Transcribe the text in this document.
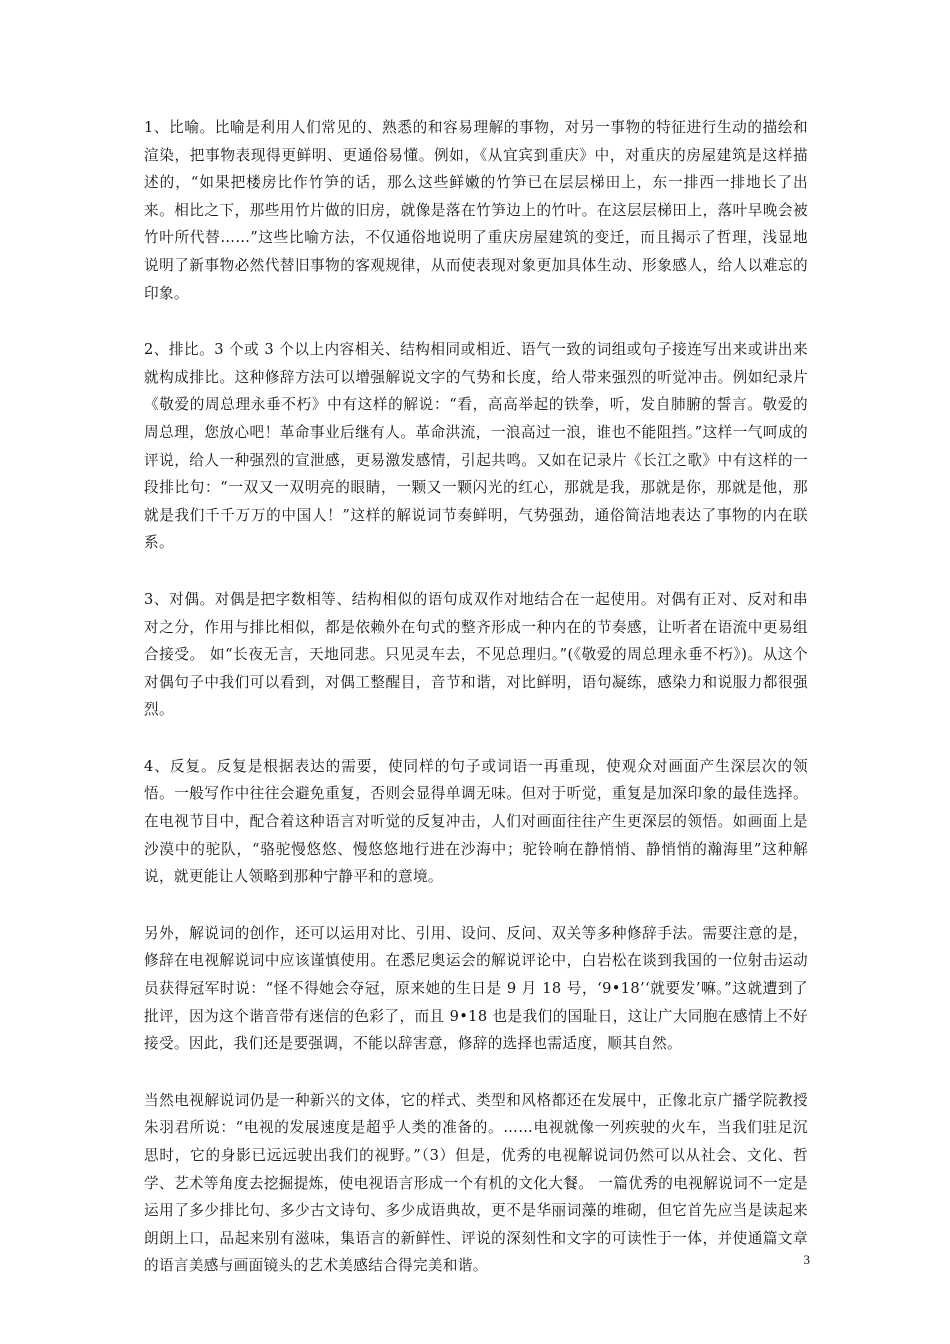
1、比喻。比喻是利用人们常见的、熟悉的和容易理解的事物，对另一事物的特征进行生动的描绘和渲染，把事物表现得更鲜明、更通俗易懂。例如，《从宜宾到重庆》中，对重庆的房屋建筑是这样描述的，“如果把楼房比作竹笋的话，那么这些鲜嫩的竹笋已在层层梯田上，东一排西一排地长了出来。相比之下，那些用竹片做的旧房，就像是落在竹笋边上的竹叶。在这层层梯田上，落叶早晚会被竹叶所代替……”这些比喻方法，不仅通俗地说明了重庆房屋建筑的变迁，而且揭示了哲理，浅显地说明了新事物必然代替旧事物的客观规律，从而使表现对象更加具体生动、形象感人，给人以难忘的印象。

2、排比。3 个或 3 个以上内容相关、结构相同或相近、语气一致的词组或句子接连写出来或讲出来就构成排比。这种修辞方法可以增强解说文字的气势和长度，给人带来强烈的听觉冲击。例如纪录片《敬爱的周总理永垂不朽》中有这样的解说：“看，高高举起的铁拳，听，发自肺腑的誓言。敬爱的周总理，您放心吧！革命事业后继有人。革命洪流，一浪高过一浪，谁也不能阻挡。”这样一气呵成的评说，给人一种强烈的宣泄感，更易激发感情，引起共鸣。又如在记录片《长江之歌》中有这样的一段排比句：“一双又一双明亮的眼睛，一颗又一颗闪光的红心，那就是我，那就是你，那就是他，那就是我们千千万万的中国人！”这样的解说词节奏鲜明，气势强劲，通俗简洁地表达了事物的内在联系。

3、对偶。对偶是把字数相等、结构相似的语句成双作对地结合在一起使用。对偶有正对、反对和串对之分，作用与排比相似，都是依赖外在句式的整齐形成一种内在的节奏感，让听者在语流中更易组合接受。 如“长夜无言，天地同悲。只见灵车去，不见总理归。”(《敬爱的周总理永垂不朽》)。从这个对偶句子中我们可以看到，对偶工整醒目，音节和谐，对比鲜明，语句凝练，感染力和说服力都很强烈。

4、反复。反复是根据表达的需要，使同样的句子或词语一再重现，使观众对画面产生深层次的领悟。一般写作中往往会避免重复，否则会显得单调无味。但对于听觉，重复是加深印象的最佳选择。在电视节目中，配合着这种语言对听觉的反复冲击，人们对画面往往产生更深层的领悟。如画面上是沙漠中的驼队，“骆驼慢悠悠、慢悠悠地行进在沙海中；驼铃响在静悄悄、静悄悄的瀚海里”这种解说，就更能让人领略到那种宁静平和的意境。

另外，解说词的创作，还可以运用对比、引用、设问、反问、双关等多种修辞手法。需要注意的是，修辞在电视解说词中应该谨慎使用。在悉尼奥运会的解说评论中，白岩松在谈到我国的一位射击运动员获得冠军时说：“怪不得她会夺冠，原来她的生日是 9 月 18 号，‘9•18’‘就要发’嘛。”这就遭到了批评，因为这个谐音带有迷信的色彩了，而且 9•18 也是我们的国耻日，这让广大同胞在感情上不好接受。因此，我们还是要强调，不能以辞害意，修辞的选择也需适度，顺其自然。

当然电视解说词仍是一种新兴的文体，它的样式、类型和风格都还在发展中，正像北京广播学院教授朱羽君所说：“电视的发展速度是超乎人类的准备的。……电视就像一列疾驶的火车，当我们驻足沉思时，它的身影已远远驶出我们的视野。”（3）但是，优秀的电视解说词仍然可以从社会、文化、哲学、艺术等角度去挖掘提炼，使电视语言形成一个有机的文化大餐。 一篇优秀的电视解说词不一定是运用了多少排比句、多少古文诗句、多少成语典故，更不是华丽词藻的堆砌，但它首先应当是读起来朗朗上口，品起来别有滋味，集语言的新鲜性、评说的深刻性和文字的可读性于一体，并使通篇文章的语言美感与画面镜头的艺术美感结合得完美和谐。	3
